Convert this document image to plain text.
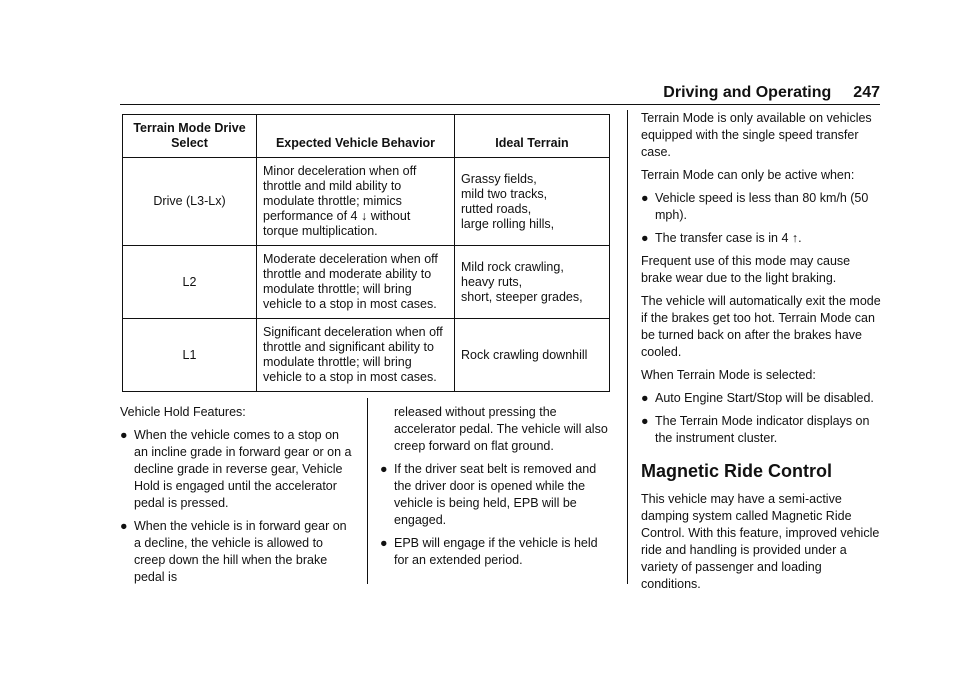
Driving and Operating 247
Terrain Mode Drive Select	Expected Vehicle Behavior	Ideal Terrain
Drive (L3-Lx)	Minor deceleration when off throttle and mild ability to modulate throttle; mimics performance of 4 ↓ without torque multiplication.	Grassy fields,
mild two tracks,
rutted roads,
large rolling hills,
L2	Moderate deceleration when off throttle and moderate ability to modulate throttle; will bring vehicle to a stop in most cases.	Mild rock crawling,
heavy ruts,
short, steeper grades,
L1	Significant deceleration when off throttle and significant ability to modulate throttle; will bring vehicle to a stop in most cases.	Rock crawling downhill

Vehicle Hold Features:

● When the vehicle comes to a stop on an incline grade in forward gear or on a decline grade in reverse gear, Vehicle Hold is engaged until the accelerator pedal is pressed.
● When the vehicle is in forward gear on a decline, the vehicle is allowed to creep down the hill when the brake pedal is

released without pressing the accelerator pedal. The vehicle will also creep forward on flat ground.

● If the driver seat belt is removed and the driver door is opened while the vehicle is being held, EPB will be engaged.
● EPB will engage if the vehicle is held for an extended period.

Terrain Mode is only available on vehicles equipped with the single speed transfer case.

Terrain Mode can only be active when:

● Vehicle speed is less than 80 km/h (50 mph).
● The transfer case is in 4 ↑.

Frequent use of this mode may cause brake wear due to the light braking.

The vehicle will automatically exit the mode if the brakes get too hot. Terrain Mode can be turned back on after the brakes have cooled.

When Terrain Mode is selected:

● Auto Engine Start/Stop will be disabled.
● The Terrain Mode indicator displays on the instrument cluster.
Magnetic Ride Control

This vehicle may have a semi-active damping system called Magnetic Ride Control. With this feature, improved vehicle ride and handling is provided under a variety of passenger and loading conditions.
